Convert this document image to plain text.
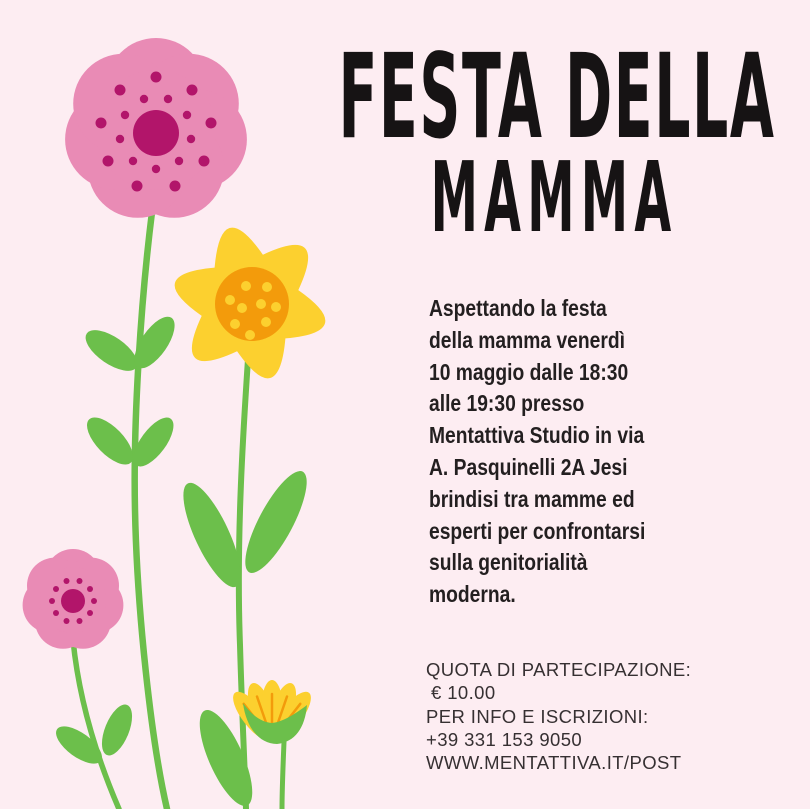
FESTA DELLA
MAMMA
Aspettando la festa
della mamma venerdì
10 maggio dalle 18:30
alle 19:30 presso
Mentattiva Studio in via
A. Pasquinelli 2A Jesi
brindisi tra mamme ed
esperti per confrontarsi
sulla genitorialità
moderna.
QUOTA DI PARTECIPAZIONE:
€ 10.00
PER INFO E ISCRIZIONI:
+39 331 153 9050
WWW.MENTATTIVA.IT/POST
